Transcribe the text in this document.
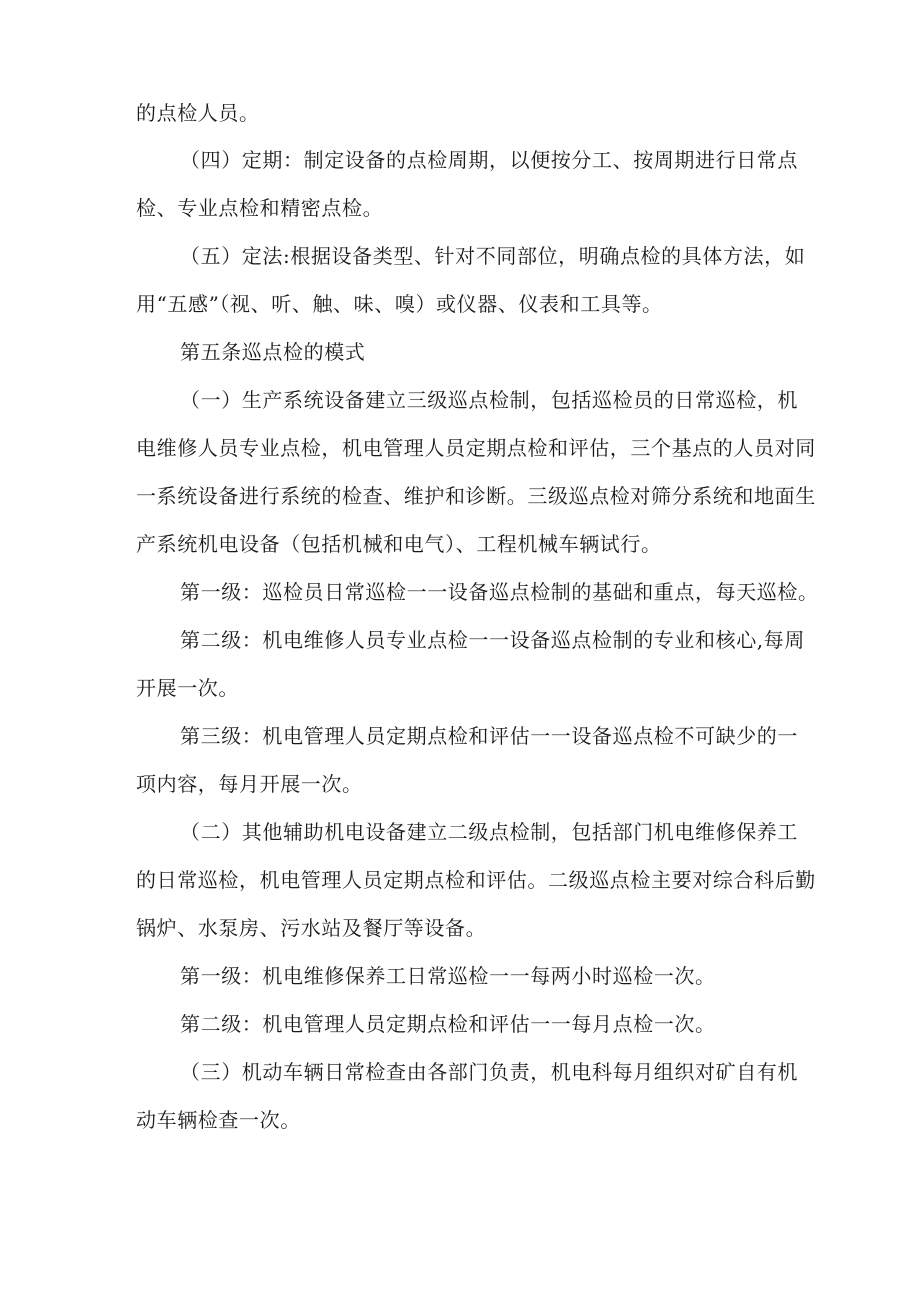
的点检人员。
（四）定期：制定设备的点检周期，以便按分工、按周期进行日常点
检、专业点检和精密点检。
（五）定法:根据设备类型、针对不同部位，明确点检的具体方法，如
用“五感”（视、听、触、味、嗅）或仪器、仪表和工具等。
第五条巡点检的模式
（一）生产系统设备建立三级巡点检制，包括巡检员的日常巡检，机
电维修人员专业点检，机电管理人员定期点检和评估，三个基点的人员对同
一系统设备进行系统的检查、维护和诊断。三级巡点检对筛分系统和地面生
产系统机电设备（包括机械和电气）、工程机械车辆试行。
第一级：巡检员日常巡检一一设备巡点检制的基础和重点，每天巡检。
第二级：机电维修人员专业点检一一设备巡点检制的专业和核心,每周
开展一次。
第三级：机电管理人员定期点检和评估一一设备巡点检不可缺少的一
项内容，每月开展一次。
（二）其他辅助机电设备建立二级点检制，包括部门机电维修保养工
的日常巡检，机电管理人员定期点检和评估。二级巡点检主要对综合科后勤
锅炉、水泵房、污水站及餐厅等设备。
第一级：机电维修保养工日常巡检一一每两小时巡检一次。
第二级：机电管理人员定期点检和评估一一每月点检一次。
（三）机动车辆日常检查由各部门负责，机电科每月组织对矿自有机
动车辆检查一次。
